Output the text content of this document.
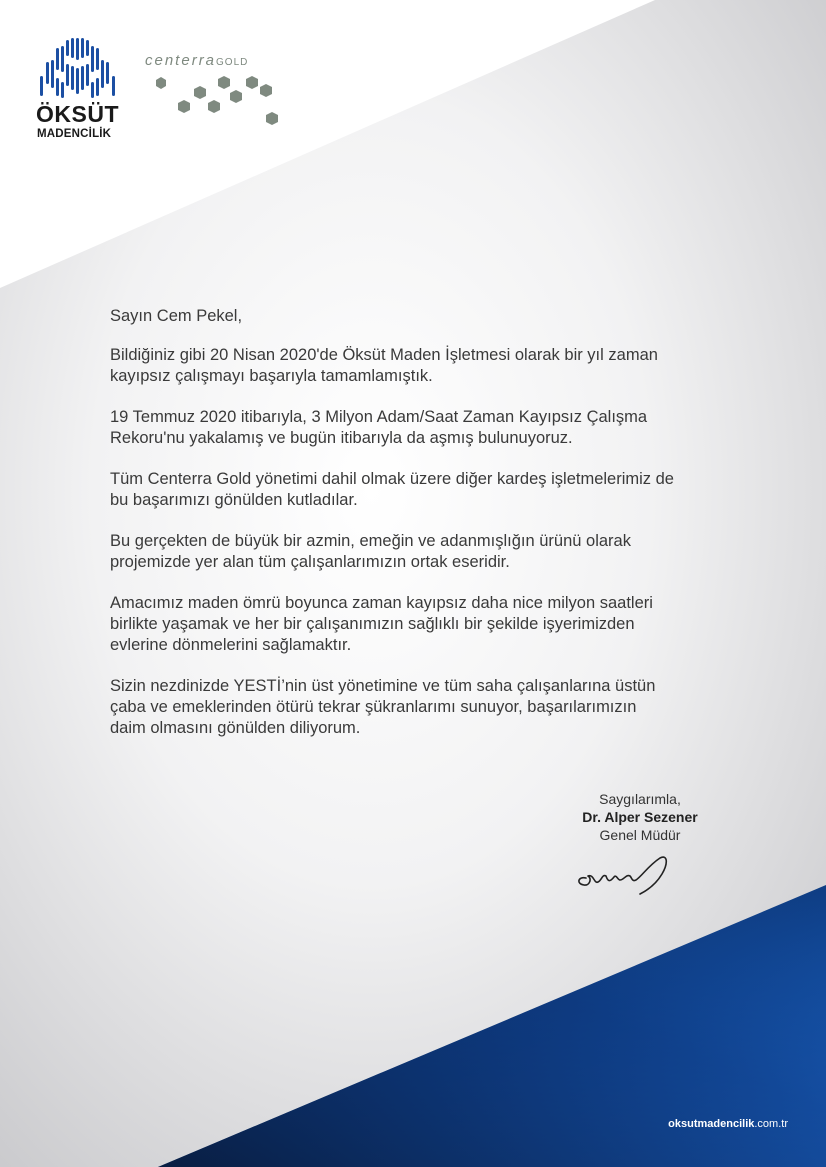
ÖKSÜT
MADENCİLİK
centerraGOLD

Sayın Cem Pekel,

Bildiğiniz gibi 20 Nisan 2020'de Öksüt Maden İşletmesi olarak bir yıl zaman
kayıpsız çalışmayı başarıyla tamamlamıştık.

19 Temmuz 2020 itibarıyla, 3 Milyon Adam/Saat Zaman Kayıpsız Çalışma
Rekoru'nu yakalamış ve bugün itibarıyla da aşmış bulunuyoruz.

Tüm Centerra Gold yönetimi dahil olmak üzere diğer kardeş işletmelerimiz de
bu başarımızı gönülden kutladılar.

Bu gerçekten de büyük bir azmin, emeğin ve adanmışlığın ürünü olarak
projemizde yer alan tüm çalışanlarımızın ortak eseridir.

Amacımız maden ömrü boyunca zaman kayıpsız daha nice milyon saatleri
birlikte yaşamak ve her bir çalışanımızın sağlıklı bir şekilde işyerimizden
evlerine dönmelerini sağlamaktır.

Sizin nezdinizde YESTİ’nin üst yönetimine ve tüm saha çalışanlarına üstün
çaba ve emeklerinden ötürü tekrar şükranlarımı sunuyor, başarılarımızın
daim olmasını gönülden diliyorum.

Saygılarımla,
Dr. Alper Sezener
Genel Müdür
oksutmadencilik.com.tr
